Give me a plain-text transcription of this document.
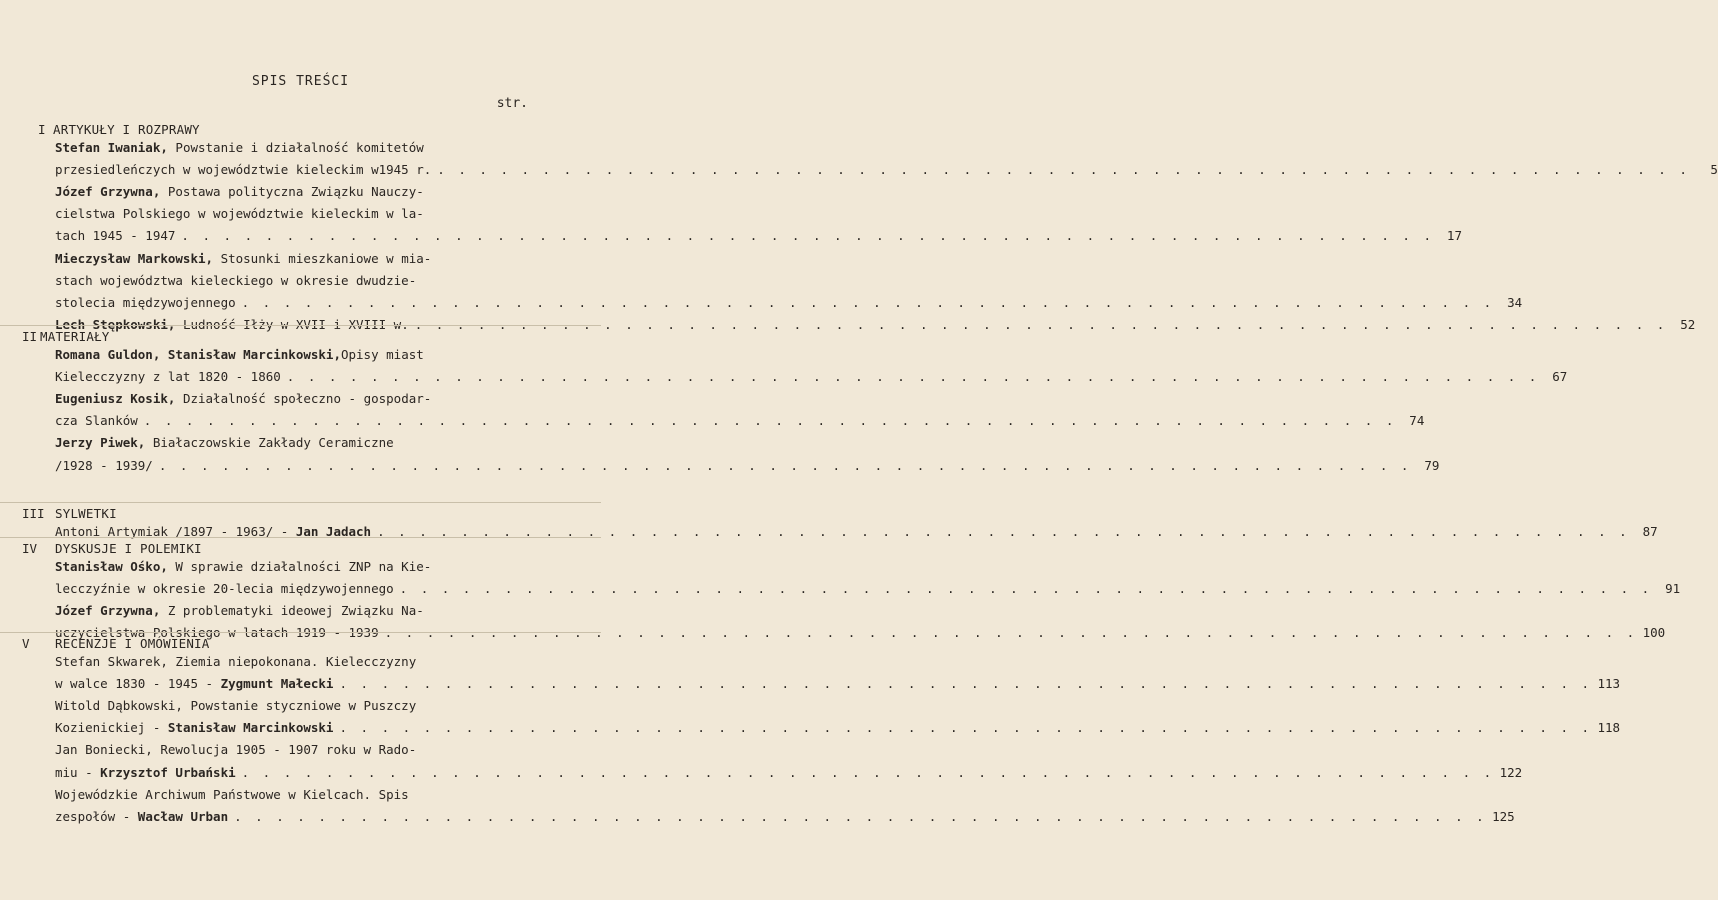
SPIS TREŚCI
str.
I ARTYKUŁY I ROZPRAWY
Stefan Iwaniak, Powstanie i działalność komitetów
przesiedleńczych w województwie kieleckim w1945 r. . . . . . . . . . . . . . . . . . . . . . . . . . . . . . . . . . . . . . . . . . . . . . . . . . . . . . . . . . . . .	5
Józef Grzywna, Postawa polityczna Związku Nauczy-
cielstwa Polskiego w województwie kieleckim w la-
tach 1945 - 1947 . . . . . . . . . . . . . . . . . . . . . . . . . . . . . . . . . . . . . . . . . . . . . . . . . . . . . . . . . . . .	17
Mieczysław Markowski, Stosunki mieszkaniowe w mia-
stach województwa kieleckiego w okresie dwudzie-
stolecia międzywojennego . . . . . . . . . . . . . . . . . . . . . . . . . . . . . . . . . . . . . . . . . . . . . . . . . . . . . . . . . . . .	34
Lech Stępkowski, Ludność Iłży w XVII i XVIII w. . . . . . . . . . . . . . . . . . . . . . . . . . . . . . . . . . . . . . . . . . . . . . . . . . . . . . . . . . . . .	52
II MATERIAŁY
Romana Guldon, Stanisław Marcinkowski,Opisy miast
Kielecczyzny z lat 1820 - 1860 . . . . . . . . . . . . . . . . . . . . . . . . . . . . . . . . . . . . . . . . . . . . . . . . . . . . . . . . . . . .	67
Eugeniusz Kosik, Działalność społeczno - gospodar-
cza Slanków . . . . . . . . . . . . . . . . . . . . . . . . . . . . . . . . . . . . . . . . . . . . . . . . . . . . . . . . . . . .	74
Jerzy Piwek, Białaczowskie Zakłady Ceramiczne
/1928 - 1939/ . . . . . . . . . . . . . . . . . . . . . . . . . . . . . . . . . . . . . . . . . . . . . . . . . . . . . . . . . . . .	79
III SYLWETKI
Antoni Artymiak /1897 - 1963/ - Jan Jadach . . . . . . . . . . . . . . . . . . . . . . . . . . . . . . . . . . . . . . . . . . . . . . . . . . . . . . . . . . . .	87
IV DYSKUSJE I POLEMIKI
Stanisław Ośko, W sprawie działalności ZNP na Kie-
lecczyźnie w okresie 20-lecia międzywojennego . . . . . . . . . . . . . . . . . . . . . . . . . . . . . . . . . . . . . . . . . . . . . . . . . . . . . . . . . . . .	91
Józef Grzywna, Z problematyki ideowej Związku Na-
uczycielstwa Polskiego w latach 1919 - 1939 . . . . . . . . . . . . . . . . . . . . . . . . . . . . . . . . . . . . . . . . . . . . . . . . . . . . . . . . . . . . 100
V RECENZJE I OMÓWIENIA
Stefan Skwarek, Ziemia niepokonana. Kielecczyzny
w walce 1830 - 1945 - Zygmunt Małecki . . . . . . . . . . . . . . . . . . . . . . . . . . . . . . . . . . . . . . . . . . . . . . . . . . . . . . . . . . . . 113
Witold Dąbkowski, Powstanie styczniowe w Puszczy
Kozienickiej - Stanisław Marcinkowski . . . . . . . . . . . . . . . . . . . . . . . . . . . . . . . . . . . . . . . . . . . . . . . . . . . . . . . . . . . . 118
Jan Boniecki, Rewolucja 1905 - 1907 roku w Rado-
miu - Krzysztof Urbański . . . . . . . . . . . . . . . . . . . . . . . . . . . . . . . . . . . . . . . . . . . . . . . . . . . . . . . . . . . . 122
Wojewódzkie Archiwum Państwowe w Kielcach. Spis
zespołów - Wacław Urban . . . . . . . . . . . . . . . . . . . . . . . . . . . . . . . . . . . . . . . . . . . . . . . . . . . . . . . . . . . . 125
